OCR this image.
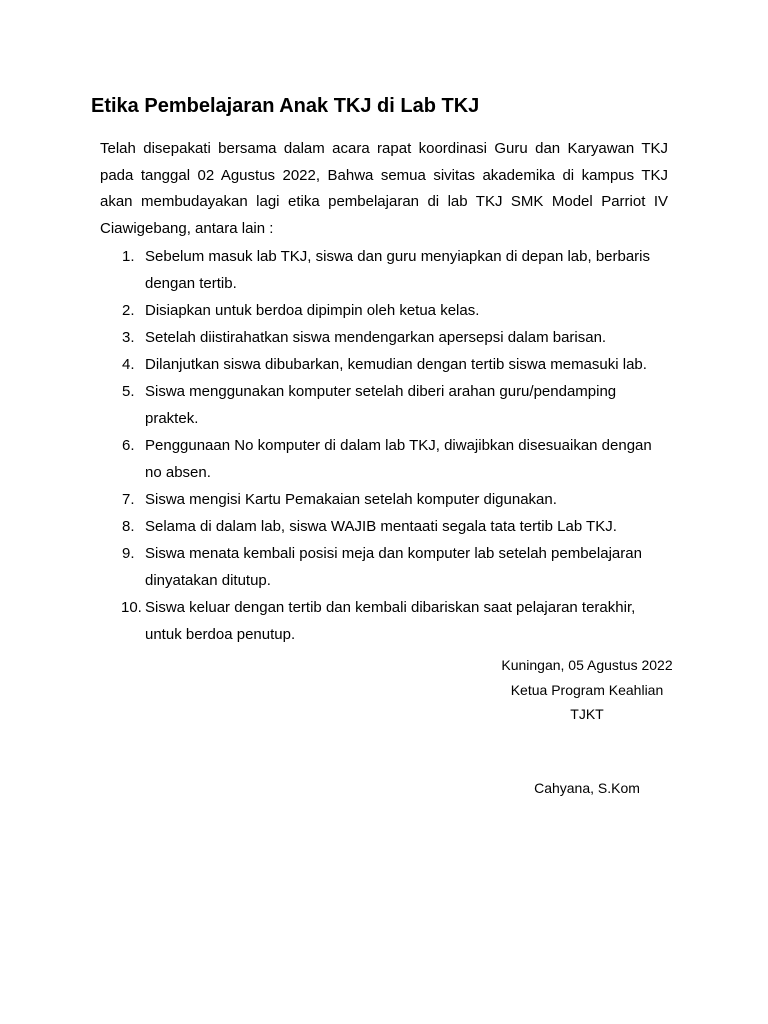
Etika Pembelajaran Anak TKJ di Lab TKJ

Telah disepakati bersama dalam acara rapat koordinasi Guru dan Karyawan TKJ pada tanggal 02 Agustus 2022, Bahwa semua sivitas akademika di kampus TKJ akan membudayakan lagi etika pembelajaran di lab TKJ SMK Model Parriot IV Ciawigebang, antara lain :

1. Sebelum masuk lab TKJ, siswa dan guru menyiapkan di depan lab, berbaris dengan tertib.
2. Disiapkan untuk berdoa dipimpin oleh ketua kelas.
3. Setelah diistirahatkan siswa mendengarkan apersepsi dalam barisan.
4. Dilanjutkan siswa dibubarkan, kemudian dengan tertib siswa memasuki lab.
5. Siswa menggunakan komputer setelah diberi arahan guru/pendamping praktek.
6. Penggunaan No komputer di dalam lab TKJ, diwajibkan disesuaikan dengan no absen.
7. Siswa mengisi Kartu Pemakaian setelah komputer digunakan.
8. Selama di dalam lab, siswa WAJIB mentaati segala tata tertib Lab TKJ.
9. Siswa menata kembali posisi meja dan komputer lab setelah pembelajaran dinyatakan ditutup.
10. Siswa keluar dengan tertib dan kembali dibariskan saat pelajaran terakhir, untuk berdoa penutup.
Kuningan, 05 Agustus 2022
Ketua Program Keahlian
TJKT
Cahyana, S.Kom
